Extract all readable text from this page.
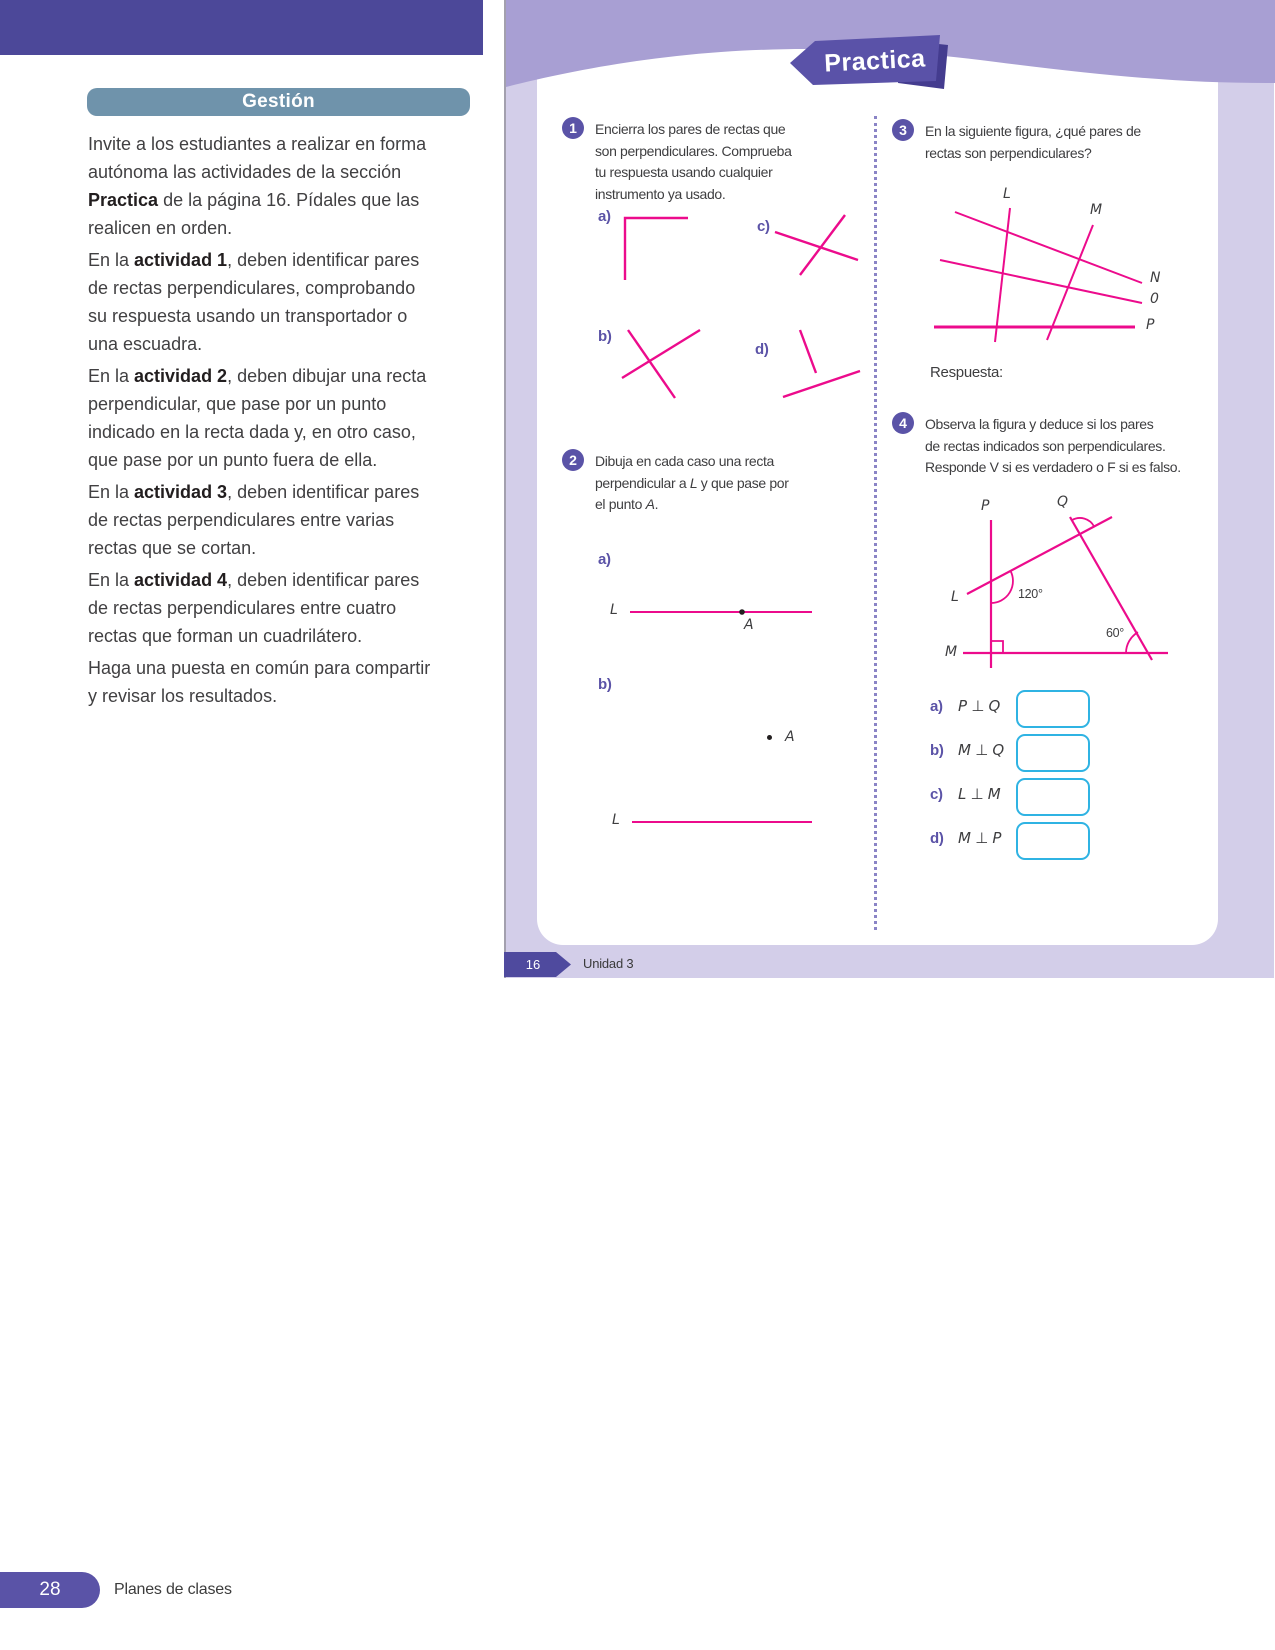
Gestión

Invite a los estudiantes a realizar en forma
autónoma las actividades de la sección
Practica de la página 16. Pídales que las
realicen en orden.

En la actividad 1, deben identificar pares
de rectas perpendiculares, comprobando
su respuesta usando un transportador o
una escuadra.

En la actividad 2, deben dibujar una recta
perpendicular, que pase por un punto
indicado en la recta dada y, en otro caso,
que pase por un punto fuera de ella.

En la actividad 3, deben identificar pares
de rectas perpendiculares entre varias
rectas que se cortan.

En la actividad 4, deben identificar pares
de rectas perpendiculares entre cuatro
rectas que forman un cuadrilátero.

Haga una puesta en común para compartir
y revisar los resultados.

Practica
1	Encierra los pares de rectas que
son perpendiculares. Comprueba
tu respuesta usando cualquier
instrumento ya usado.
a)
c)
b)
d)
2	Dibuja en cada caso una recta
perpendicular a L y que pase por
el punto A.
a)
L
A
b)
A
L
3	En la siguiente figura, ¿qué pares de
rectas son perpendiculares?
L
M
N
0
P
Respuesta:
4	Observa la figura y deduce si los pares
de rectas indicados son perpendiculares.
Responde V si es verdadero o F si es falso.
P	Q
L
M
120°
60°
a) P ⊥ Q
b) M ⊥ Q
c) L ⊥ M
d) M ⊥ P
16	Unidad 3
28	Planes de clases
